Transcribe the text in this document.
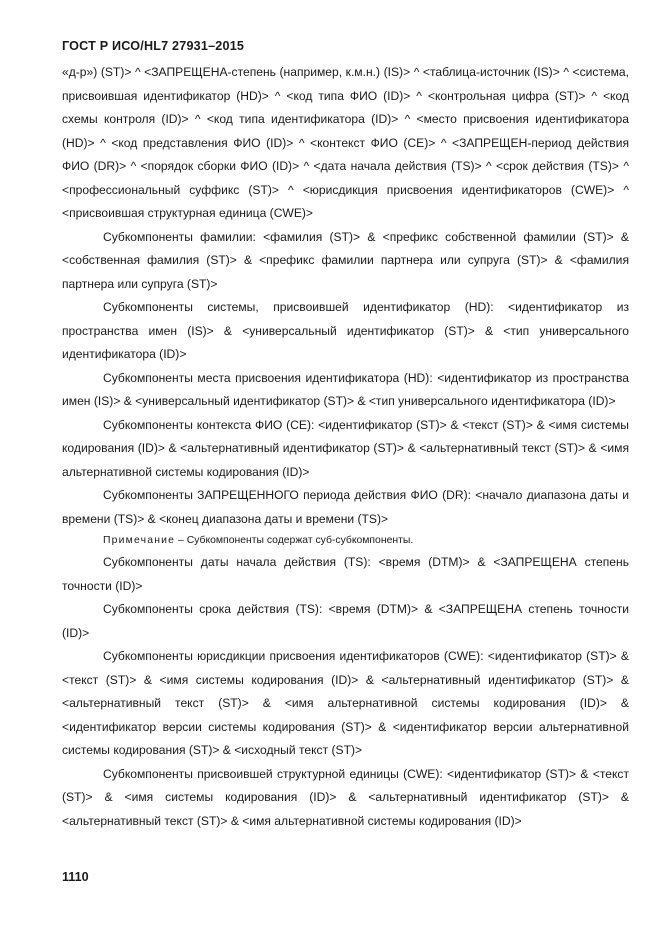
ГОСТ Р ИСО/HL7 27931–2015

«д-р») (ST)> ^ <ЗАПРЕЩЕНА-степень (например, к.м.н.) (IS)> ^ <таблица-источник (IS)> ^ <система, присвоившая идентификатор (HD)> ^ <код типа ФИО (ID)> ^ <контрольная цифра (ST)> ^ <код схемы контроля (ID)> ^ <код типа идентификатора (ID)> ^ <место присвоения идентификатора (HD)> ^ <код представления ФИО (ID)> ^ <контекст ФИО (CE)> ^ <ЗАПРЕЩЕН-период действия ФИО (DR)> ^ <порядок сборки ФИО (ID)> ^ <дата начала действия (TS)> ^ <срок действия (TS)> ^ <профессиональный суффикс (ST)> ^ <юрисдикция присвоения идентификаторов (CWE)> ^ <присвоившая структурная единица (CWE)>

Субкомпоненты фамилии: <фамилия (ST)> & <префикс собственной фамилии (ST)> & <собственная фамилия (ST)> & <префикс фамилии партнера или супруга (ST)> & <фамилия партнера или супруга (ST)>

Субкомпоненты системы, присвоившей идентификатор (HD): <идентификатор из пространства имен (IS)> & <универсальный идентификатор (ST)> & <тип универсального идентификатора (ID)>

Субкомпоненты места присвоения идентификатора (HD): <идентификатор из пространства имен (IS)> & <универсальный идентификатор (ST)> & <тип универсального идентификатора (ID)>

Субкомпоненты контекста ФИО (CE): <идентификатор (ST)> & <текст (ST)> & <имя системы кодирования (ID)> & <альтернативный идентификатор (ST)> & <альтернативный текст (ST)> & <имя альтернативной системы кодирования (ID)>

Субкомпоненты ЗАПРЕЩЕННОГО периода действия ФИО (DR): <начало диапазона даты и времени (TS)> & <конец диапазона даты и времени (TS)>

Примечание – Субкомпоненты содержат суб-субкомпоненты.

Субкомпоненты даты начала действия (TS): <время (DTM)> & <ЗАПРЕЩЕНА степень точности (ID)>

Субкомпоненты срока действия (TS): <время (DTM)> & <ЗАПРЕЩЕНА степень точности (ID)>

Субкомпоненты юрисдикции присвоения идентификаторов (CWE): <идентификатор (ST)> & <текст (ST)> & <имя системы кодирования (ID)> & <альтернативный идентификатор (ST)> & <альтернативный текст (ST)> & <имя альтернативной системы кодирования (ID)> & <идентификатор версии системы кодирования (ST)> & <идентификатор версии альтернативной системы кодирования (ST)> & <исходный текст (ST)>

Субкомпоненты присвоившей структурной единицы (CWE): <идентификатор (ST)> & <текст (ST)> & <имя системы кодирования (ID)> & <альтернативный идентификатор (ST)> & <альтернативный текст (ST)> & <имя альтернативной системы кодирования (ID)>

1110
